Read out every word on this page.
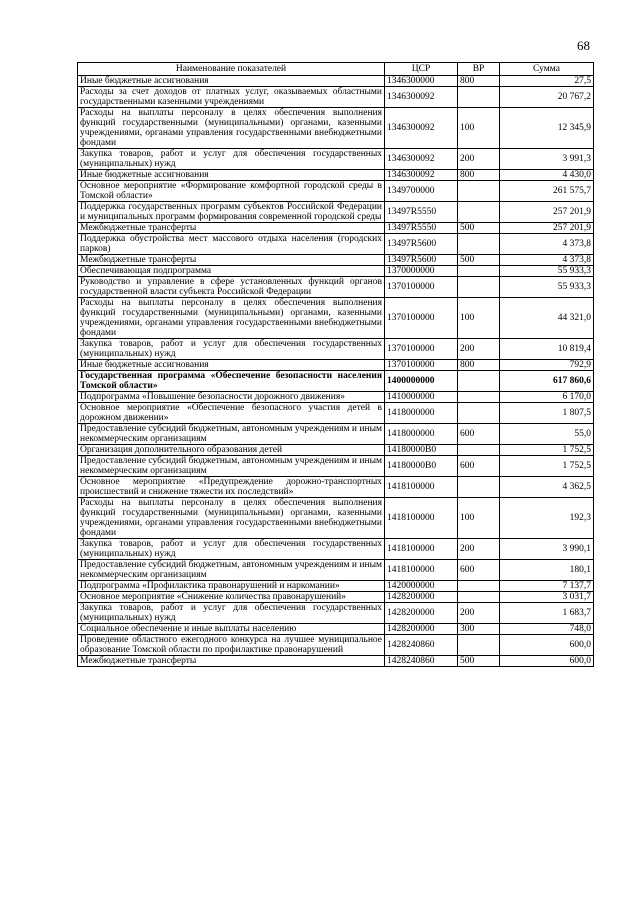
68
Наименование показателей	ЦСР	ВР	Сумма
Иные бюджетные ассигнования	1346300000	800	27,5
Расходы за счет доходов от платных услуг, оказываемых областными государственными казенными учреждениями	1346300092		20 767,2
Расходы на выплаты персоналу в целях обеспечения выполнения функций государственными (муниципальными) органами, казенными учреждениями, органами управления государственными внебюджетными фондами	1346300092	100	12 345,9
Закупка товаров, работ и услуг для обеспечения государственных (муниципальных) нужд	1346300092	200	3 991,3
Иные бюджетные ассигнования	1346300092	800	4 430,0
Основное мероприятие «Формирование комфортной городской среды в Томской области»	1349700000		261 575,7
Поддержка государственных программ субъектов Российской Федерации и муниципальных программ формирования современной городской среды	13497R5550		257 201,9
Межбюджетные трансферты	13497R5550	500	257 201,9
Поддержка обустройства мест массового отдыха населения (городских парков)	13497R5600		4 373,8
Межбюджетные трансферты	13497R5600	500	4 373,8
Обеспечивающая подпрограмма	1370000000		55 933,3
Руководство и управление в сфере установленных функций органов государственной власти субъекта Российской Федерации	1370100000		55 933,3
Расходы на выплаты персоналу в целях обеспечения выполнения функций государственными (муниципальными) органами, казенными учреждениями, органами управления государственными внебюджетными фондами	1370100000	100	44 321,0
Закупка товаров, работ и услуг для обеспечения государственных (муниципальных) нужд	1370100000	200	10 819,4
Иные бюджетные ассигнования	1370100000	800	792,9
Государственная программа «Обеспечение безопасности населения Томской области»	1400000000		617 860,6
Подпрограмма «Повышение безопасности дорожного движения»	1410000000		6 170,0
Основное мероприятие «Обеспечение безопасного участия детей в дорожном движении»	1418000000		1 807,5
Предоставление субсидий бюджетным, автономным учреждениям и иным некоммерческим организациям	1418000000	600	55,0
Организация дополнительного образования детей	14180000В0		1 752,5
Предоставление субсидий бюджетным, автономным учреждениям и иным некоммерческим организациям	14180000В0	600	1 752,5
Основное мероприятие «Предупреждение дорожно-транспортных происшествий и снижение тяжести их последствий»	1418100000		4 362,5
Расходы на выплаты персоналу в целях обеспечения выполнения функций государственными (муниципальными) органами, казенными учреждениями, органами управления государственными внебюджетными фондами	1418100000	100	192,3
Закупка товаров, работ и услуг для обеспечения государственных (муниципальных) нужд	1418100000	200	3 990,1
Предоставление субсидий бюджетным, автономным учреждениям и иным некоммерческим организациям	1418100000	600	180,1
Подпрограмма «Профилактика правонарушений и наркомании»	1420000000		7 137,7
Основное мероприятие «Снижение количества правонарушений»	1428200000		3 031,7
Закупка товаров, работ и услуг для обеспечения государственных (муниципальных) нужд	1428200000	200	1 683,7
Социальное обеспечение и иные выплаты населению	1428200000	300	748,0
Проведение областного ежегодного конкурса на лучшее муниципальное образование Томской области по профилактике правонарушений	1428240860		600,0
Межбюджетные трансферты	1428240860	500	600,0
